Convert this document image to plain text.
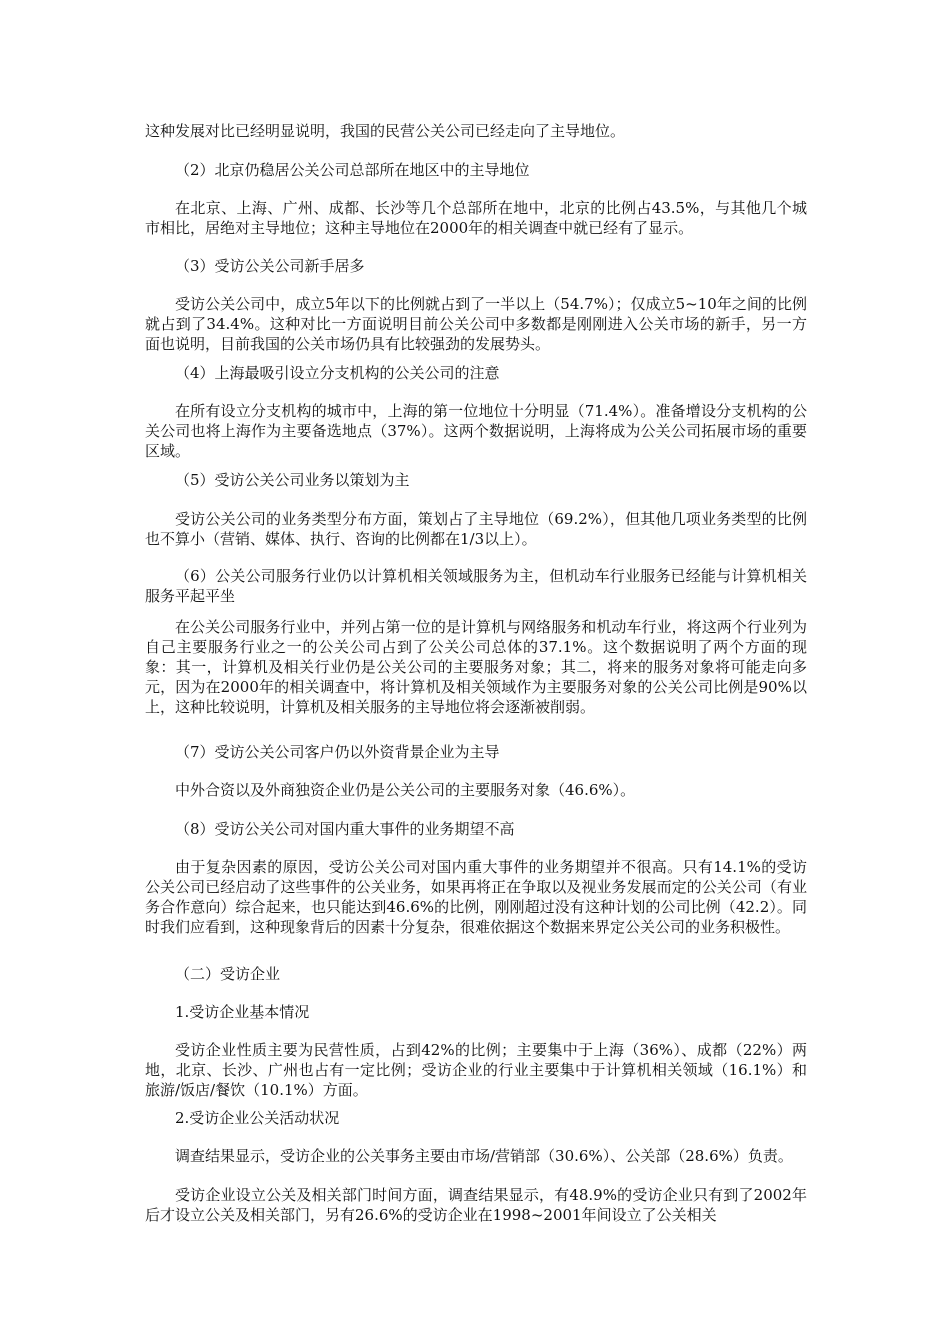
这种发展对比已经明显说明，我国的民营公关公司已经走向了主导地位。

（2）北京仍稳居公关公司总部所在地区中的主导地位

在北京、上海、广州、成都、长沙等几个总部所在地中，北京的比例占43.5%，与其他几个城市相比，居绝对主导地位；这种主导地位在2000年的相关调查中就已经有了显示。

（3）受访公关公司新手居多

受访公关公司中，成立5年以下的比例就占到了一半以上（54.7%）；仅成立5~10年之间的比例就占到了34.4%。这种对比一方面说明目前公关公司中多数都是刚刚进入公关市场的新手，另一方面也说明，目前我国的公关市场仍具有比较强劲的发展势头。

（4）上海最吸引设立分支机构的公关公司的注意

在所有设立分支机构的城市中，上海的第一位地位十分明显（71.4%）。准备增设分支机构的公关公司也将上海作为主要备选地点（37%）。这两个数据说明，上海将成为公关公司拓展市场的重要区域。

（5）受访公关公司业务以策划为主

受访公关公司的业务类型分布方面，策划占了主导地位（69.2%），但其他几项业务类型的比例也不算小（营销、媒体、执行、咨询的比例都在1/3以上）。

（6）公关公司服务行业仍以计算机相关领域服务为主，但机动车行业服务已经能与计算机相关服务平起平坐

在公关公司服务行业中，并列占第一位的是计算机与网络服务和机动车行业，将这两个行业列为自己主要服务行业之一的公关公司占到了公关公司总体的37.1%。这个数据说明了两个方面的现象：其一，计算机及相关行业仍是公关公司的主要服务对象；其二，将来的服务对象将可能走向多元，因为在2000年的相关调查中，将计算机及相关领域作为主要服务对象的公关公司比例是90%以上，这种比较说明，计算机及相关服务的主导地位将会逐渐被削弱。

（7）受访公关公司客户仍以外资背景企业为主导

中外合资以及外商独资企业仍是公关公司的主要服务对象（46.6%）。

（8）受访公关公司对国内重大事件的业务期望不高

由于复杂因素的原因，受访公关公司对国内重大事件的业务期望并不很高。只有14.1%的受访公关公司已经启动了这些事件的公关业务，如果再将正在争取以及视业务发展而定的公关公司（有业务合作意向）综合起来，也只能达到46.6%的比例，刚刚超过没有这种计划的公司比例（42.2）。同时我们应看到，这种现象背后的因素十分复杂，很难依据这个数据来界定公关公司的业务积极性。

（二）受访企业

1.受访企业基本情况

受访企业性质主要为民营性质，占到42%的比例；主要集中于上海（36%）、成都（22%）两地，北京、长沙、广州也占有一定比例；受访企业的行业主要集中于计算机相关领域（16.1%）和旅游/饭店/餐饮（10.1%）方面。

2.受访企业公关活动状况

调查结果显示，受访企业的公关事务主要由市场/营销部（30.6%）、公关部（28.6%）负责。

受访企业设立公关及相关部门时间方面，调查结果显示，有48.9%的受访企业只有到了2002年后才设立公关及相关部门，另有26.6%的受访企业在1998~2001年间设立了公关相关
